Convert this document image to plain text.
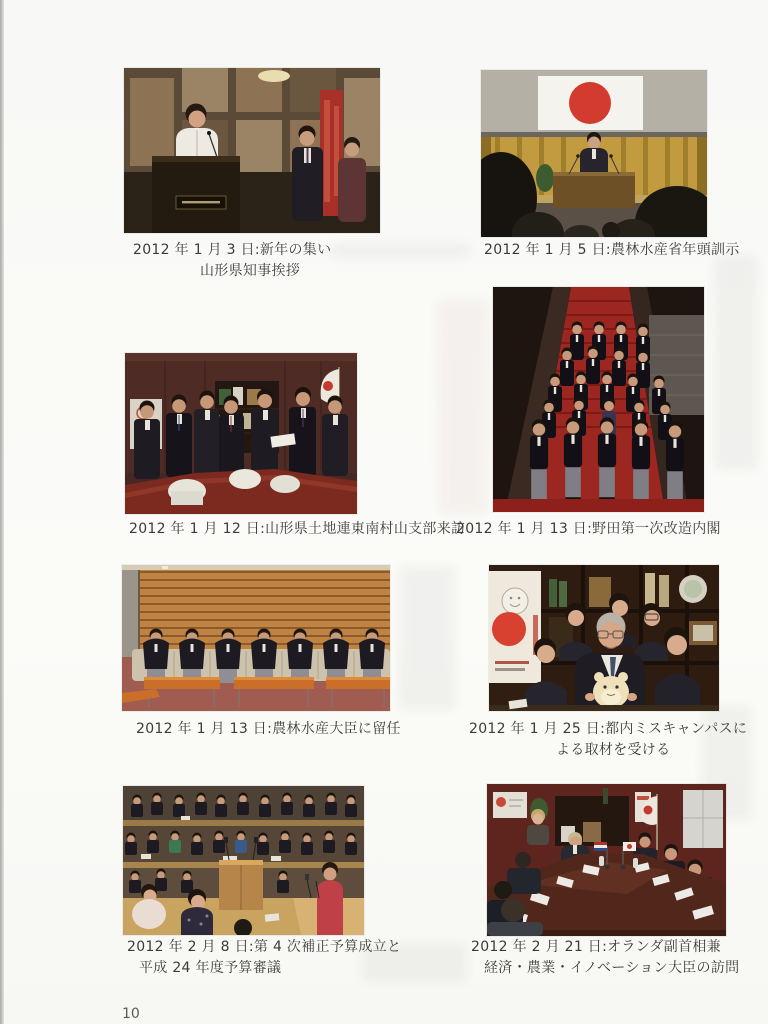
2012 年 1 月 3 日:新年の集い
山形県知事挨拶
2012 年 1 月 5 日:農林水産省年頭訓示
2012 年 1 月 12 日:山形県土地連東南村山支部来訪
2012 年 1 月 13 日:野田第一次改造内閣
2012 年 1 月 13 日:農林水産大臣に留任	2012 年 1 月 25 日:都内ミスキャンパスに
よる取材を受ける
2012 年 2 月 8 日:第 4 次補正予算成立と
平成 24 年度予算審議
2012 年 2 月 21 日:オランダ副首相兼
経済・農業・イノベーション大臣の訪問
10
